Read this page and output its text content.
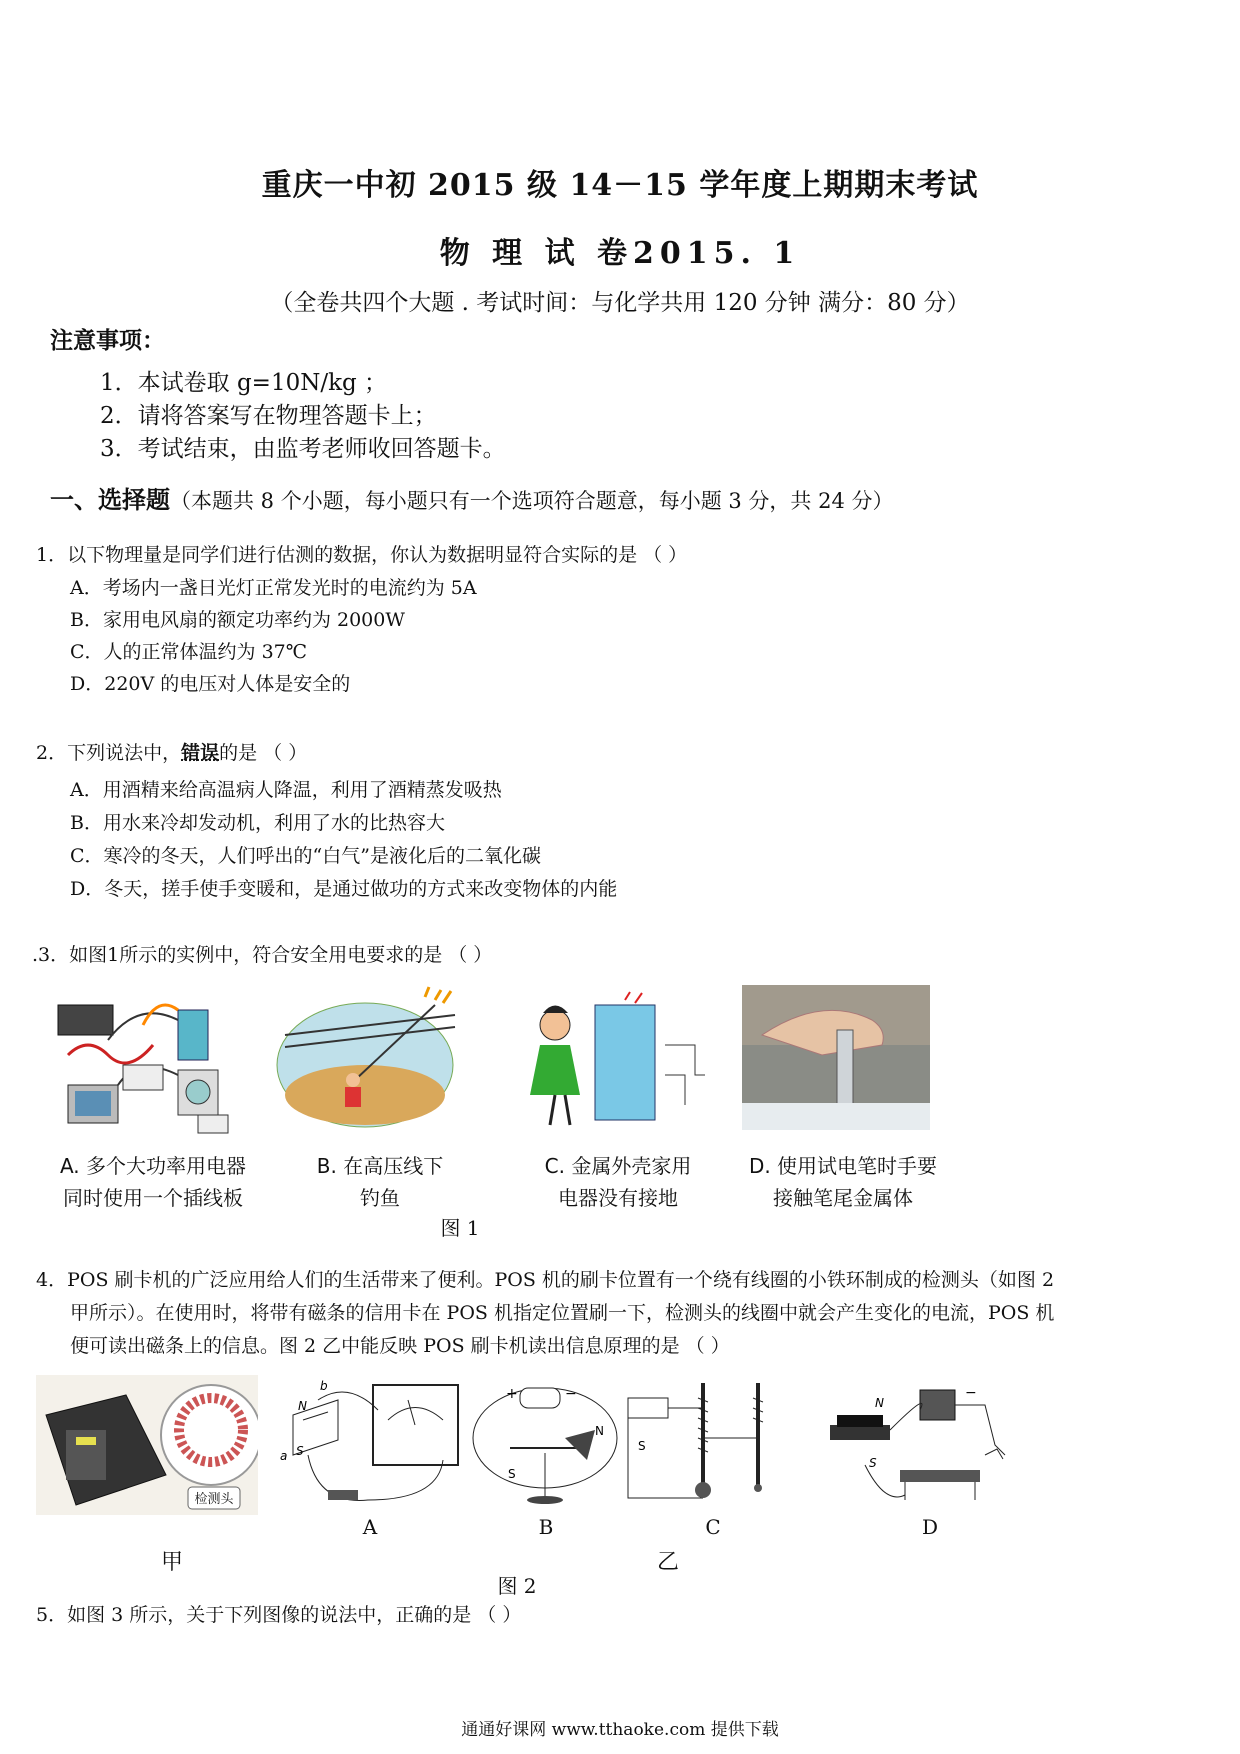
重庆一中初 2015 级 14－15 学年度上期期末考试
物 理 试 卷2015. 1
（全卷共四个大题 . 考试时间：与化学共用 120 分钟 满分：80 分）
注意事项：
1．本试卷取 g=10N/kg ；
2．请将答案写在物理答题卡上；
3．考试结束，由监考老师收回答题卡。
一、选择题（本题共 8 个小题，每小题只有一个选项符合题意，每小题 3 分，共 24 分）
1．以下物理量是同学们进行估测的数据，你认为数据明显符合实际的是 （ ）
A．考场内一盏日光灯正常发光时的电流约为 5A
B．家用电风扇的额定功率约为 2000W
C．人的正常体温约为 37℃
D．220V 的电压对人体是安全的
2．下列说法中，错误的是 （ ）
A．用酒精来给高温病人降温，利用了酒精蒸发吸热
B．用水来冷却发动机，利用了水的比热容大
C．寒冷的冬天，人们呼出的“白气”是液化后的二氧化碳
D．冬天，搓手使手变暖和，是通过做功的方式来改变物体的内能
.3．如图1所示的实例中，符合安全用电要求的是 （ ）
A. 多个大功率用电器
同时使用一个插线板
B. 在高压线下
钓鱼
C. 金属外壳家用
电器没有接地
D. 使用试电笔时手要
接触笔尾金属体
图 1
4．POS 刷卡机的广泛应用给人们的生活带来了便利。POS 机的刷卡位置有一个绕有线圈的小铁环制成的检测头（如图 2
甲所示）。在使用时，将带有磁条的信用卡在 POS 机指定位置刷一下，检测头的线圈中就会产生变化的电流，POS 机
便可读出磁条上的信息。图 2 乙中能反映 POS 刷卡机读出信息原理的是 （ ）
检测头
N
S
b
a
+	−
N
S
S
N
S
−
A	B	C	D
甲	乙
图 2
5．如图 3 所示，关于下列图像的说法中，正确的是 （ ）
通通好课网 www.tthaoke.com 提供下载
